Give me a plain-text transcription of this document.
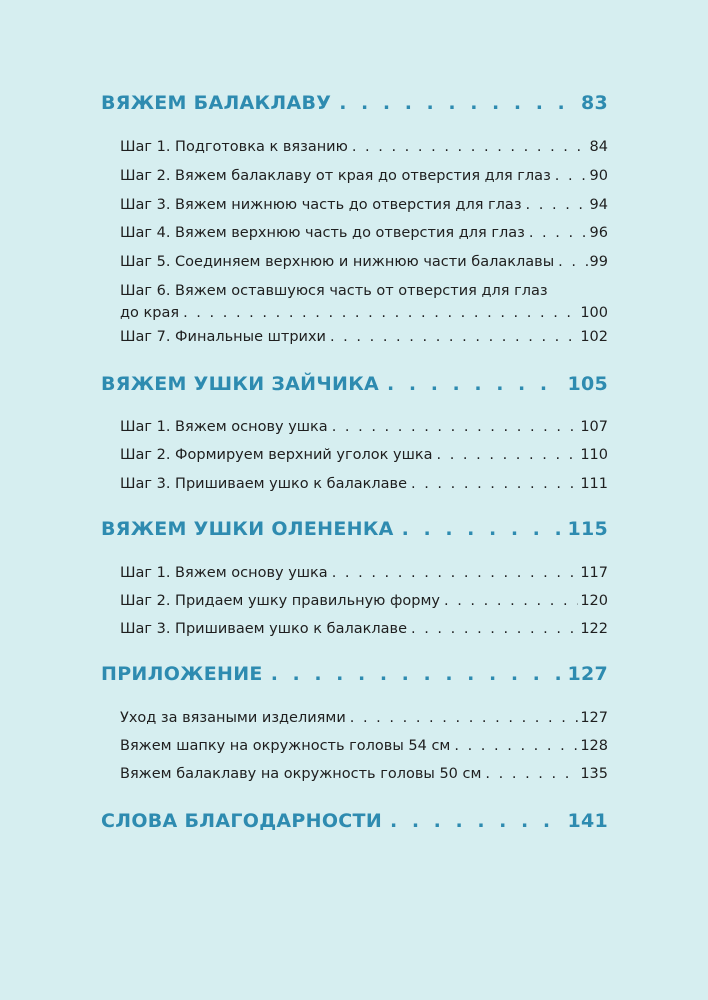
ВЯЖЕМ БАЛАКЛАВУ . . .	83
Шаг 1. Подготовка к вязанию . . .	84
Шаг 2. Вяжем балаклаву от края до отверстия для глаз . . .	90
Шаг 3. Вяжем нижнюю часть до отверстия для глаз . . .	94
Шаг 4. Вяжем верхнюю часть до отверстия для глаз . . .	96
Шаг 5. Соединяем верхнюю и нижнюю части балаклавы . . . 99
Шаг 6. Вяжем оставшуюся часть от отверстия для глаз
до края . . .	100
Шаг 7. Финальные штрихи . . .	102
ВЯЖЕМ УШКИ ЗАЙЧИКА . . .	105
Шаг 1. Вяжем основу ушка . . .	107
Шаг 2. Формируем верхний уголок ушка . . .	110
Шаг 3. Пришиваем ушко к балаклаве . . .	111
ВЯЖЕМ УШКИ ОЛЕНЕНКА . . .	115
Шаг 1. Вяжем основу ушка . . .	117
Шаг 2. Придаем ушку правильную форму . . .	120
Шаг 3. Пришиваем ушко к балаклаве . . .	122
ПРИЛОЖЕНИЕ . . .	127
Уход за вязаными изделиями . . .	127
Вяжем шапку на окружность головы 54 см . . .	128
Вяжем балаклаву на окружность головы 50 см . . .	135
СЛОВА БЛАГОДАРНОСТИ . . .	141
